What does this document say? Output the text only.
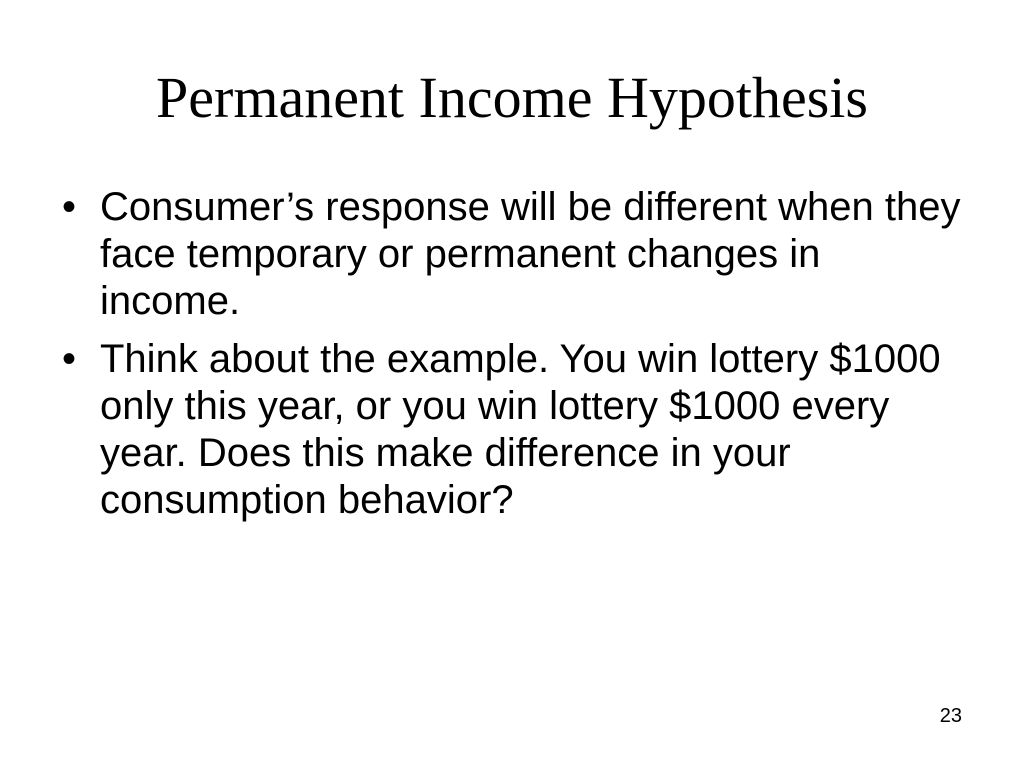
Permanent Income Hypothesis
• Consumer’s response will be different when they face temporary or permanent changes in income.
• Think about the example. You win lottery $1000 only this year, or you win lottery $1000 every year. Does this make difference in your consumption behavior?
23
